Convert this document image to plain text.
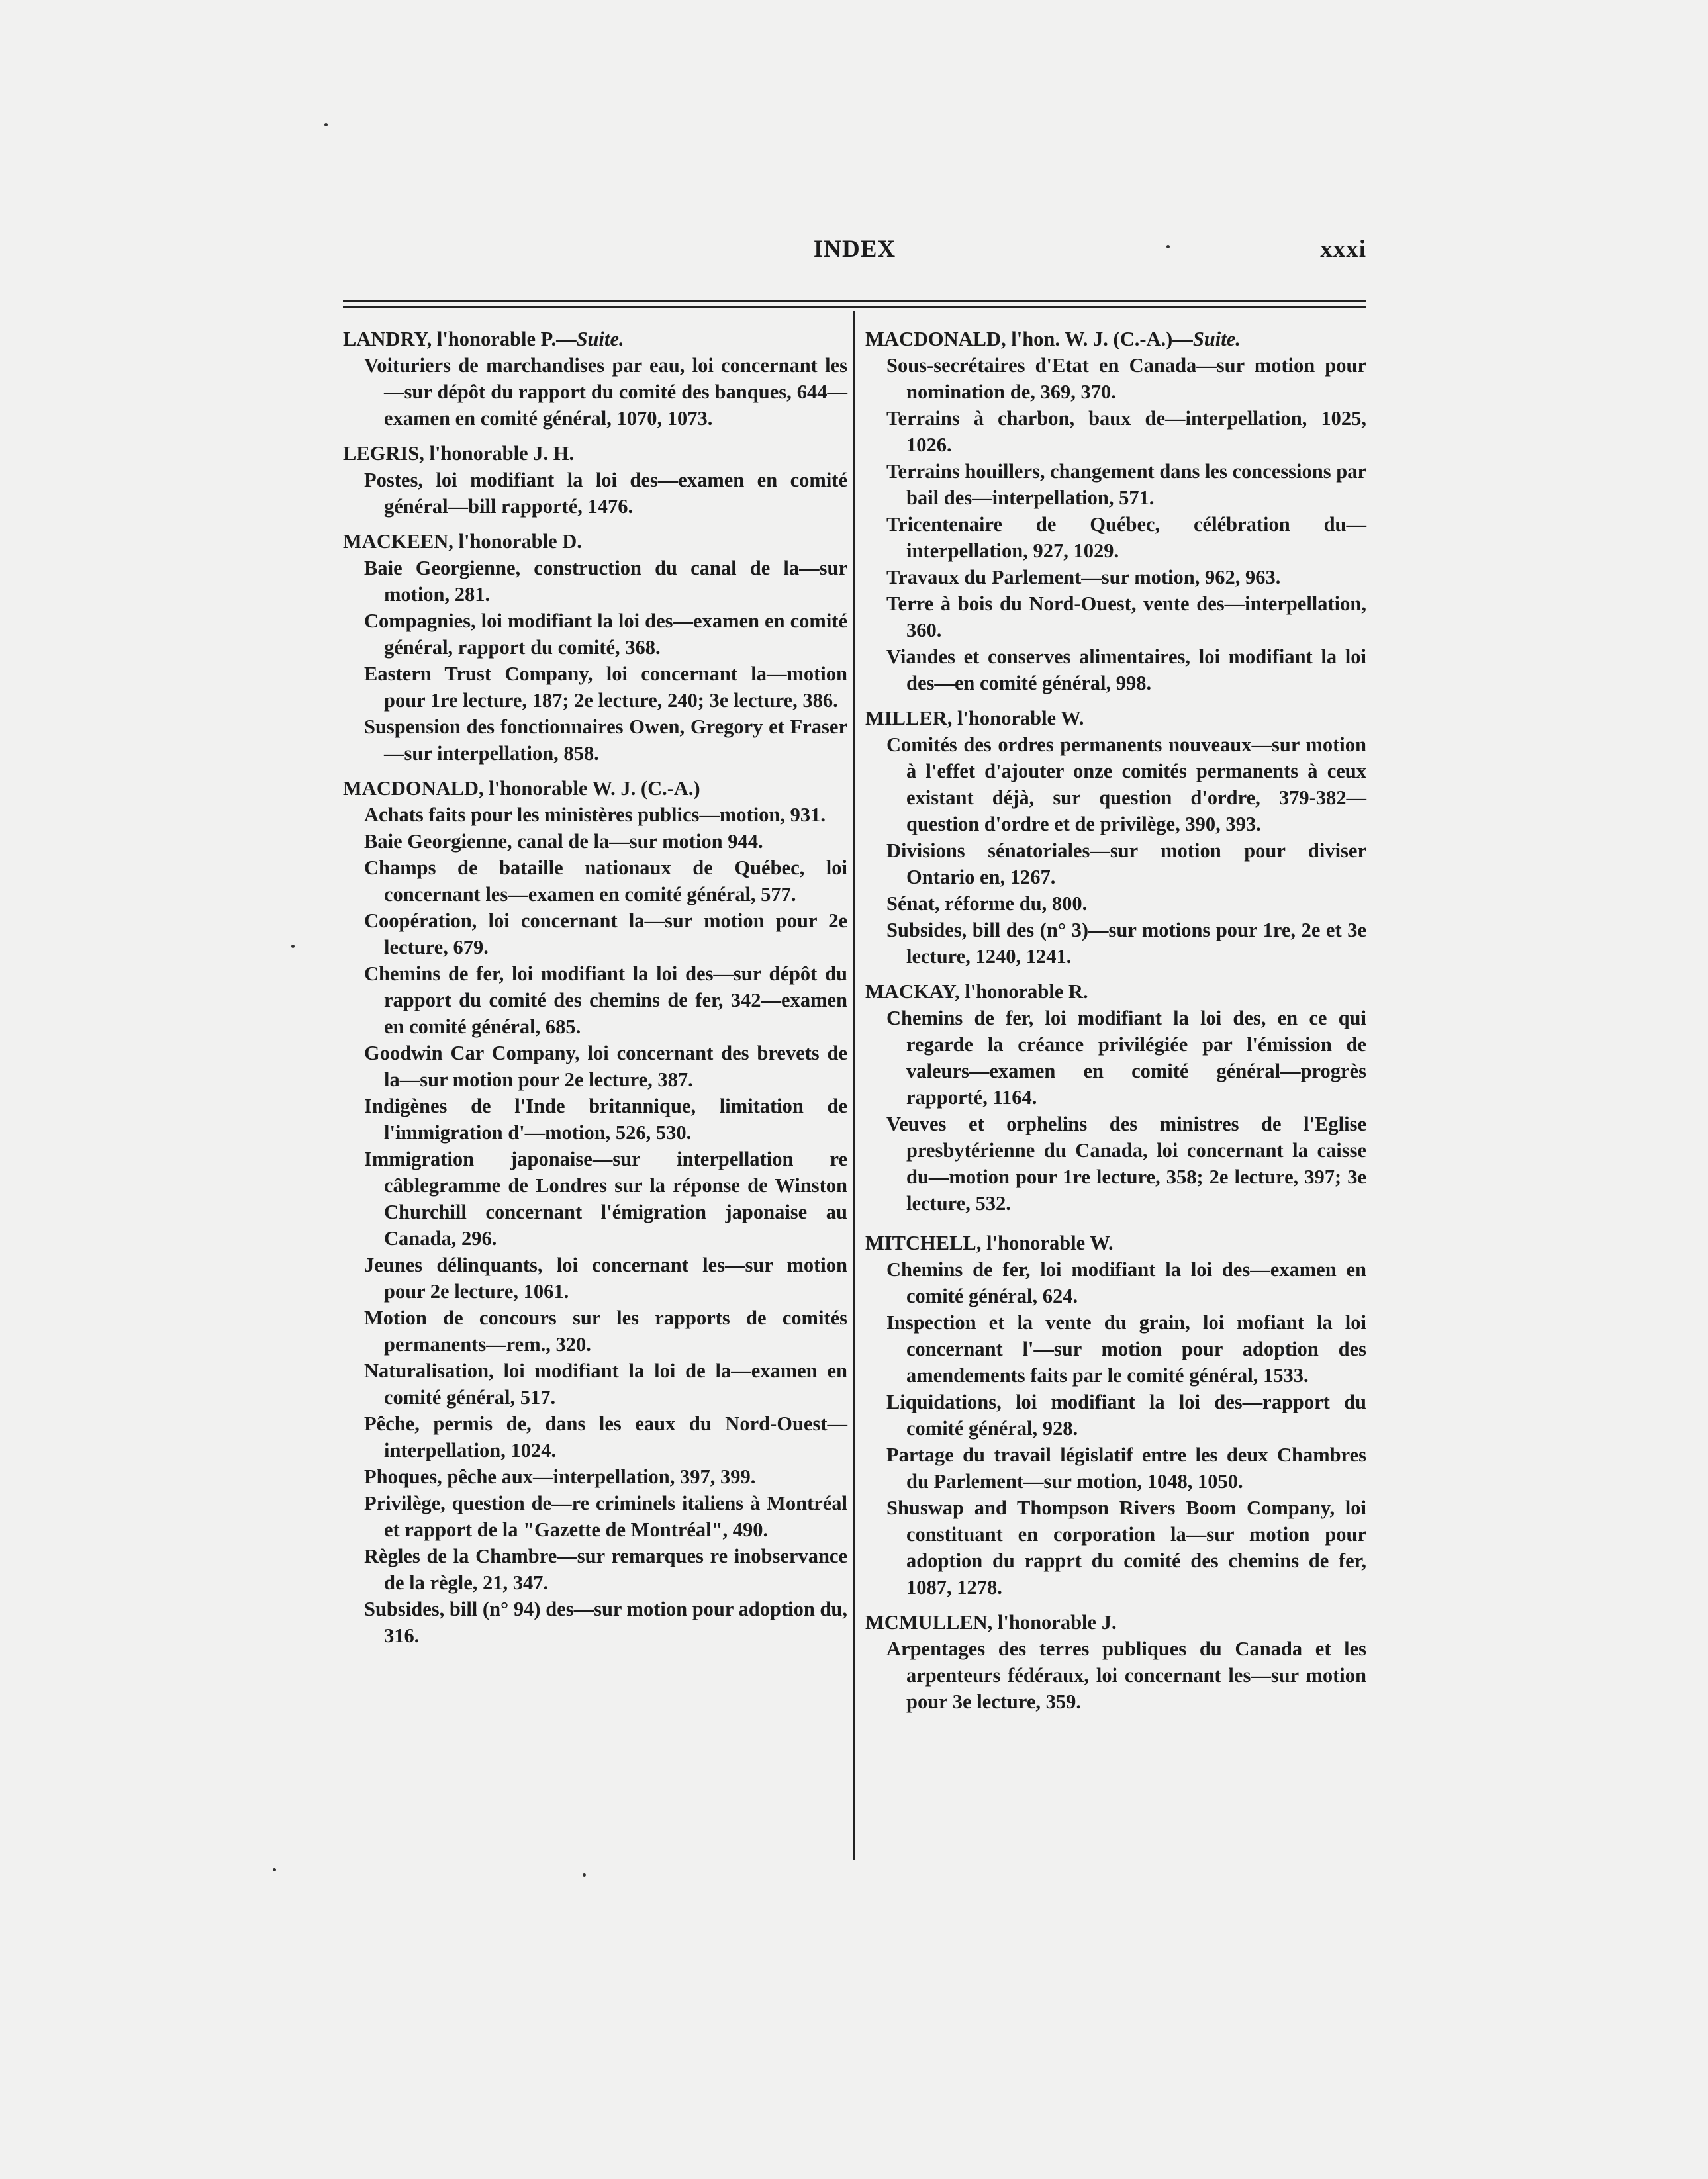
INDEX	xxxi
LANDRY, l'honorable P.—Suite.
Voituriers de marchandises par eau, loi concernant les—sur dépôt du rapport du comité des banques, 644—examen en comité général, 1070, 1073.
LEGRIS, l'honorable J. H.
Postes, loi modifiant la loi des—examen en comité général—bill rapporté, 1476.
MACKEEN, l'honorable D.
Baie Georgienne, construction du canal de la—sur motion, 281.
Compagnies, loi modifiant la loi des—examen en comité général, rapport du comité, 368.
Eastern Trust Company, loi concernant la—motion pour 1re lecture, 187; 2e lecture, 240; 3e lecture, 386.
Suspension des fonctionnaires Owen, Gregory et Fraser—sur interpellation, 858.
MACDONALD, l'honorable W. J. (C.-A.)
Achats faits pour les ministères publics—motion, 931.
Baie Georgienne, canal de la—sur motion 944.
Champs de bataille nationaux de Québec, loi concernant les—examen en comité général, 577.
Coopération, loi concernant la—sur motion pour 2e lecture, 679.
Chemins de fer, loi modifiant la loi des—sur dépôt du rapport du comité des chemins de fer, 342—examen en comité général, 685.
Goodwin Car Company, loi concernant des brevets de la—sur motion pour 2e lecture, 387.
Indigènes de l'Inde britannique, limitation de l'immigration d'—motion, 526, 530.
Immigration japonaise—sur interpellation re câblegramme de Londres sur la réponse de Winston Churchill concernant l'émigration japonaise au Canada, 296.
Jeunes délinquants, loi concernant les—sur motion pour 2e lecture, 1061.
Motion de concours sur les rapports de comités permanents—rem., 320.
Naturalisation, loi modifiant la loi de la—examen en comité général, 517.
Pêche, permis de, dans les eaux du Nord-Ouest—interpellation, 1024.
Phoques, pêche aux—interpellation, 397, 399.
Privilège, question de—re criminels italiens à Montréal et rapport de la "Gazette de Montréal", 490.
Règles de la Chambre—sur remarques re inobservance de la règle, 21, 347.
Subsides, bill (n° 94) des—sur motion pour adoption du, 316.
MACDONALD, l'hon. W. J. (C.-A.)—Suite.
Sous-secrétaires d'Etat en Canada—sur motion pour nomination de, 369, 370.
Terrains à charbon, baux de—interpellation, 1025, 1026.
Terrains houillers, changement dans les concessions par bail des—interpellation, 571.
Tricentenaire de Québec, célébration du—interpellation, 927, 1029.
Travaux du Parlement—sur motion, 962, 963.
Terre à bois du Nord-Ouest, vente des—interpellation, 360.
Viandes et conserves alimentaires, loi modifiant la loi des—en comité général, 998.
MILLER, l'honorable W.
Comités des ordres permanents nouveaux—sur motion à l'effet d'ajouter onze comités permanents à ceux existant déjà, sur question d'ordre, 379-382—question d'ordre et de privilège, 390, 393.
Divisions sénatoriales—sur motion pour diviser Ontario en, 1267.
Sénat, réforme du, 800.
Subsides, bill des (n° 3)—sur motions pour 1re, 2e et 3e lecture, 1240, 1241.
MACKAY, l'honorable R.
Chemins de fer, loi modifiant la loi des, en ce qui regarde la créance privilégiée par l'émission de valeurs—examen en comité général—progrès rapporté, 1164.
Veuves et orphelins des ministres de l'Eglise presbytérienne du Canada, loi concernant la caisse du—motion pour 1re lecture, 358; 2e lecture, 397; 3e lecture, 532.
MITCHELL, l'honorable W.
Chemins de fer, loi modifiant la loi des—examen en comité général, 624.
Inspection et la vente du grain, loi mofiant la loi concernant l'—sur motion pour adoption des amendements faits par le comité général, 1533.
Liquidations, loi modifiant la loi des—rapport du comité général, 928.
Partage du travail législatif entre les deux Chambres du Parlement—sur motion, 1048, 1050.
Shuswap and Thompson Rivers Boom Company, loi constituant en corporation la—sur motion pour adoption du rapprt du comité des chemins de fer, 1087, 1278.
MCMULLEN, l'honorable J.
Arpentages des terres publiques du Canada et les arpenteurs fédéraux, loi concernant les—sur motion pour 3e lecture, 359.
